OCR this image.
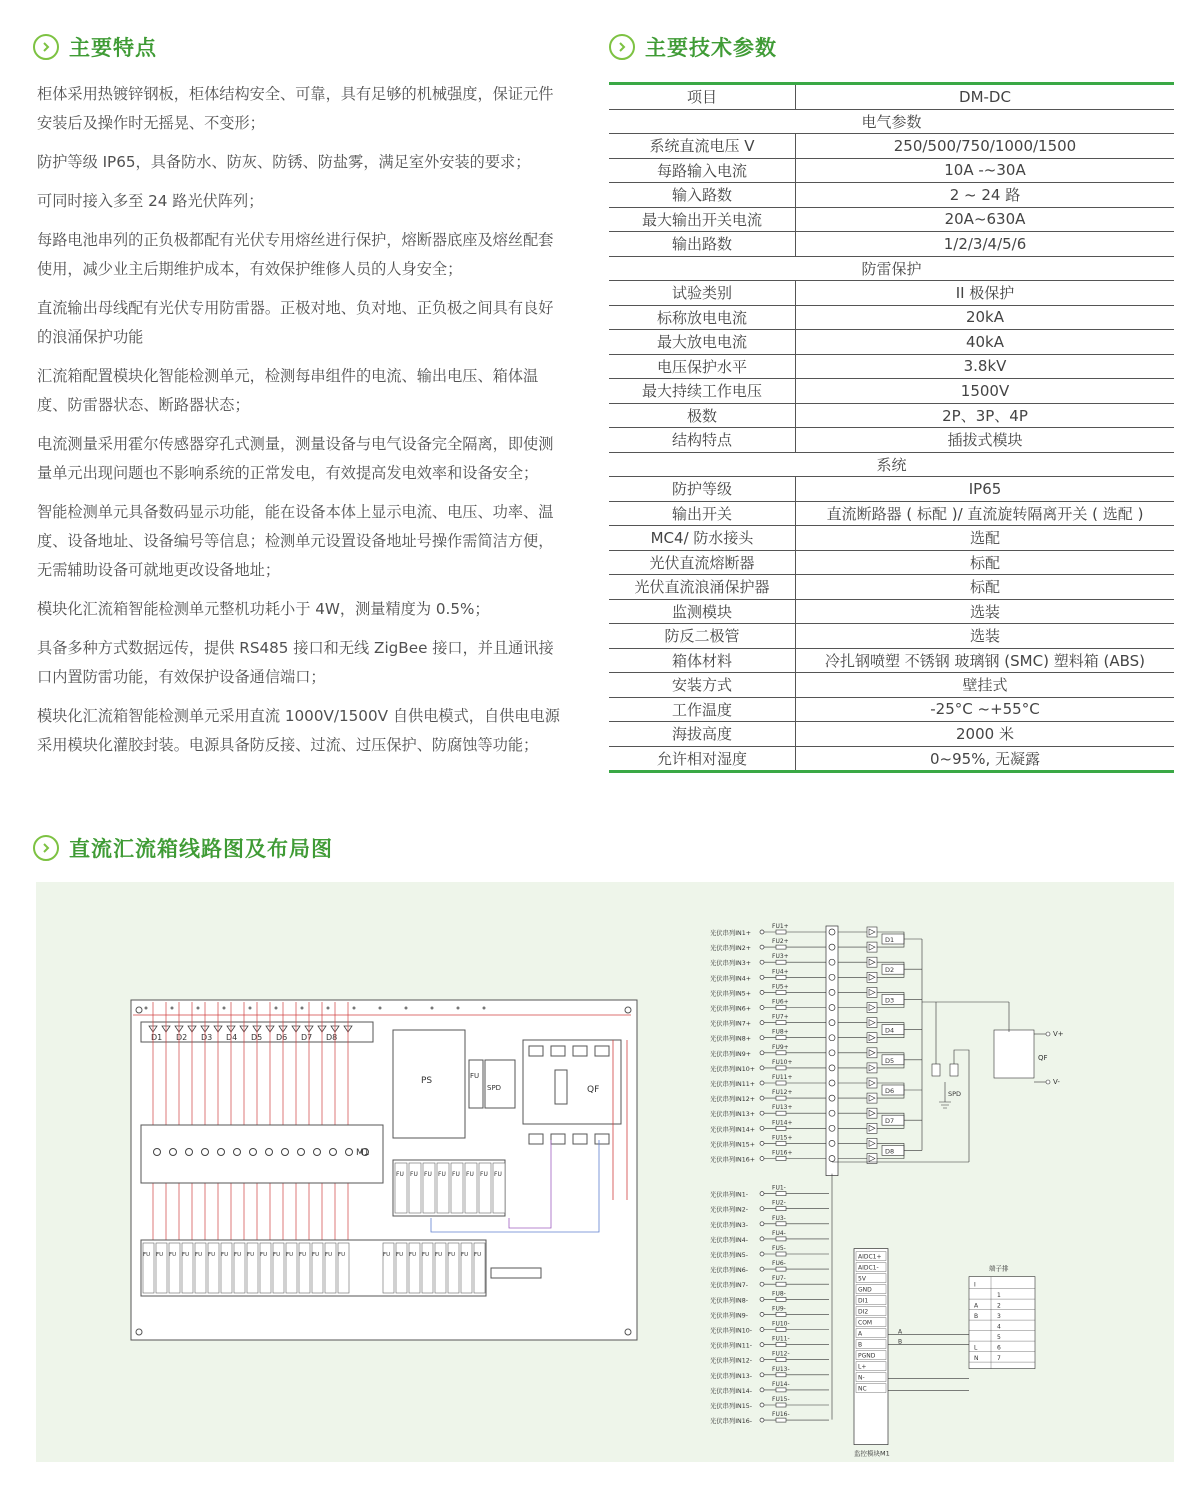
主要特点

柜体采用热镀锌钢板，柜体结构安全、可靠，具有足够的机械强度，保证元件安装后及操作时无摇晃、不变形；

防护等级 IP65，具备防水、防灰、防锈、防盐雾，满足室外安装的要求；

可同时接入多至 24 路光伏阵列；

每路电池串列的正负极都配有光伏专用熔丝进行保护，熔断器底座及熔丝配套使用，减少业主后期维护成本，有效保护维修人员的人身安全；

直流输出母线配有光伏专用防雷器。正极对地、负对地、正负极之间具有良好的浪涌保护功能

汇流箱配置模块化智能检测单元，检测每串组件的电流、输出电压、箱体温度、防雷器状态、断路器状态；

电流测量采用霍尔传感器穿孔式测量，测量设备与电气设备完全隔离，即使测量单元出现问题也不影响系统的正常发电，有效提高发电效率和设备安全；

智能检测单元具备数码显示功能，能在设备本体上显示电流、电压、功率、温度、设备地址、设备编号等信息；检测单元设置设备地址号操作需简洁方便，无需辅助设备可就地更改设备地址；

模块化汇流箱智能检测单元整机功耗小于 4W，测量精度为 0.5%；

具备多种方式数据远传，提供 RS485 接口和无线 ZigBee 接口，并且通讯接口内置防雷功能，有效保护设备通信端口；

模块化汇流箱智能检测单元采用直流 1000V/1500V 自供电模式，自供电电源采用模块化灌胶封装。电源具备防反接、过流、过压保护、防腐蚀等功能；

主要技术参数
项目	DM-DC
电气参数	
系统直流电压 V	250/500/750/1000/1500
每路输入电流	10A -~30A
输入路数	2 ~ 24 路
最大输出开关电流	20A~630A
输出路数	1/2/3/4/5/6
防雷保护	
试验类别	II 极保护
标称放电电流	20kA
最大放电电流	40kA
电压保护水平	3.8kV
最大持续工作电压	1500V
极数	2P、3P、4P
结构特点	插拔式模块
系统	
防护等级	IP65
输出开关	直流断路器 ( 标配 )/ 直流旋转隔离开关 ( 选配 )
MC4/ 防水接头	选配
光伏直流熔断器	标配
光伏直流浪涌保护器	标配
监测模块	选装
防反二极管	选装
箱体材料	冷扎钢喷塑 不锈钢 玻璃钢 (SMC) 塑料箱 (ABS)
安装方式	壁挂式
工作温度	-25°C ~+55°C
海拔高度	2000 米
允许相对湿度	0~95%, 无凝露
直流汇流箱线路图及布局图
D1 D2 D3 D4 D5 D6 D7 D8
M1
PS	FU
SPD	QF
FU FU FU FU FU FU FU FU
FU FU FU FU FU FU FU FU FU FU FU FU FU FU FU FU	FU FU FU FU FU FU FU FU
光伏串列IN1+
FU1+
光伏串列IN2+
FU2+
光伏串列IN3+
FU3+
光伏串列IN4+
FU4+
光伏串列IN5+
FU5+
光伏串列IN6+
FU6+
光伏串列IN7+
FU7+
光伏串列IN8+
FU8+
光伏串列IN9+
FU9+
光伏串列IN10+
FU10+
光伏串列IN11+
FU11+
光伏串列IN12+
FU12+
光伏串列IN13+
FU13+
光伏串列IN14+
FU14+
光伏串列IN15+
FU15+
光伏串列IN16+
FU16+
D1
D2
D3
D4
D5
D6
D7
D8
SPD
V+
V-
QF
光伏串列IN1-
FU1-
光伏串列IN2-
FU2-
光伏串列IN3-
FU3-
光伏串列IN4-
FU4-
光伏串列IN5-
FU5-
光伏串列IN6-
FU6-
光伏串列IN7-
FU7-
光伏串列IN8-
FU8-
光伏串列IN9-
FU9-
光伏串列IN10-
FU10-
光伏串列IN11-
FU11-
光伏串列IN12-
FU12-
光伏串列IN13-
FU13-
光伏串列IN14-
FU14-
光伏串列IN15-
FU15-
光伏串列IN16-
FU16-
AIDC1+
AIDC1-
5V
GND
DI1
DI2
COM
A
B
PGND
L+
N-
NC
监控模块M1
A
B
端子排
I
1
A	2
B	3
4
5
L	6
N	7
